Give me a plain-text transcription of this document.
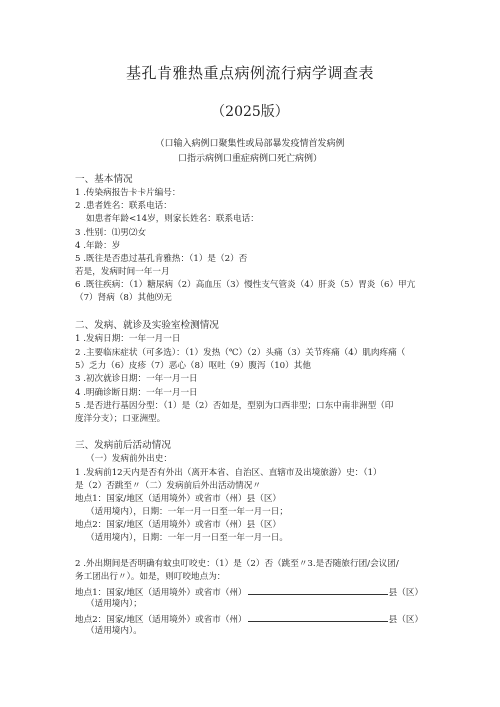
基孔肯雅热重点病例流行病学调查表
（2025版）
（口输入病例口聚集性或局部暴发疫情首发病例
口指示病例口重症病例口死亡病例）
一、基本情况
1 .传染病报告卡卡片编号：
2 .患者姓名：联系电话：
如患者年龄<14岁，则家长姓名：联系电话：
3 .性别：⑴男⑵女
4 .年龄：岁
5 .既往是否患过基孔肯雅热：（1）是（2）否
若是，发病时间一年一月
6 .既往疾病：（1）糖尿病（2）高血压（3）慢性支气管炎（4）肝炎（5）胃炎（6）甲亢
（7）肾病（8）其他⑼无
二、发病、就诊及实验室检测情况
1 .发病日期：一年一月一日
2 .主要临床症状（可多选）：（1）发热（℃）（2）头痛（3）关节疼痛（4）肌肉疼痛（
5）乏力（6）皮疹（7）恶心（8）呕吐（9）腹泻（10）其他
3 .初次就诊日期：一年一月一日
4 .明确诊断日期：一年一月一日
5 .是否进行基因分型：（1）是（2）否如是，型别为口西非型；口东中南非洲型（印
度洋分支）；口亚洲型。
三、发病前后活动情况
（一）发病前外出史：
1 .发病前12天内是否有外出（离开本省、自治区、直辖市及出境旅游）史：（1）
是（2）否跳至〃（二）发病前后外出活动情况〃
地点1：国家/地区（适用境外）或省市（州）县（区）
（适用境内），日期：一年一月一日至一年一月一日；
地点2：国家/地区（适用境外）或省市（州）县（区）
（适用境内），日期：一年一月一日至一年一月一日。
2 .外出期间是否明确有蚊虫叮咬史：（1）是（2）否（跳至〃3.是否随旅行团/会议团/
务工团出行〃）。如是，则叮咬地点为：
地点1：国家/地区（适用境外）或省市（州）	县（区）
（适用境内）；
地点2：国家/地区（适用境外）或省市（州）	县（区）
（适用境内）。
